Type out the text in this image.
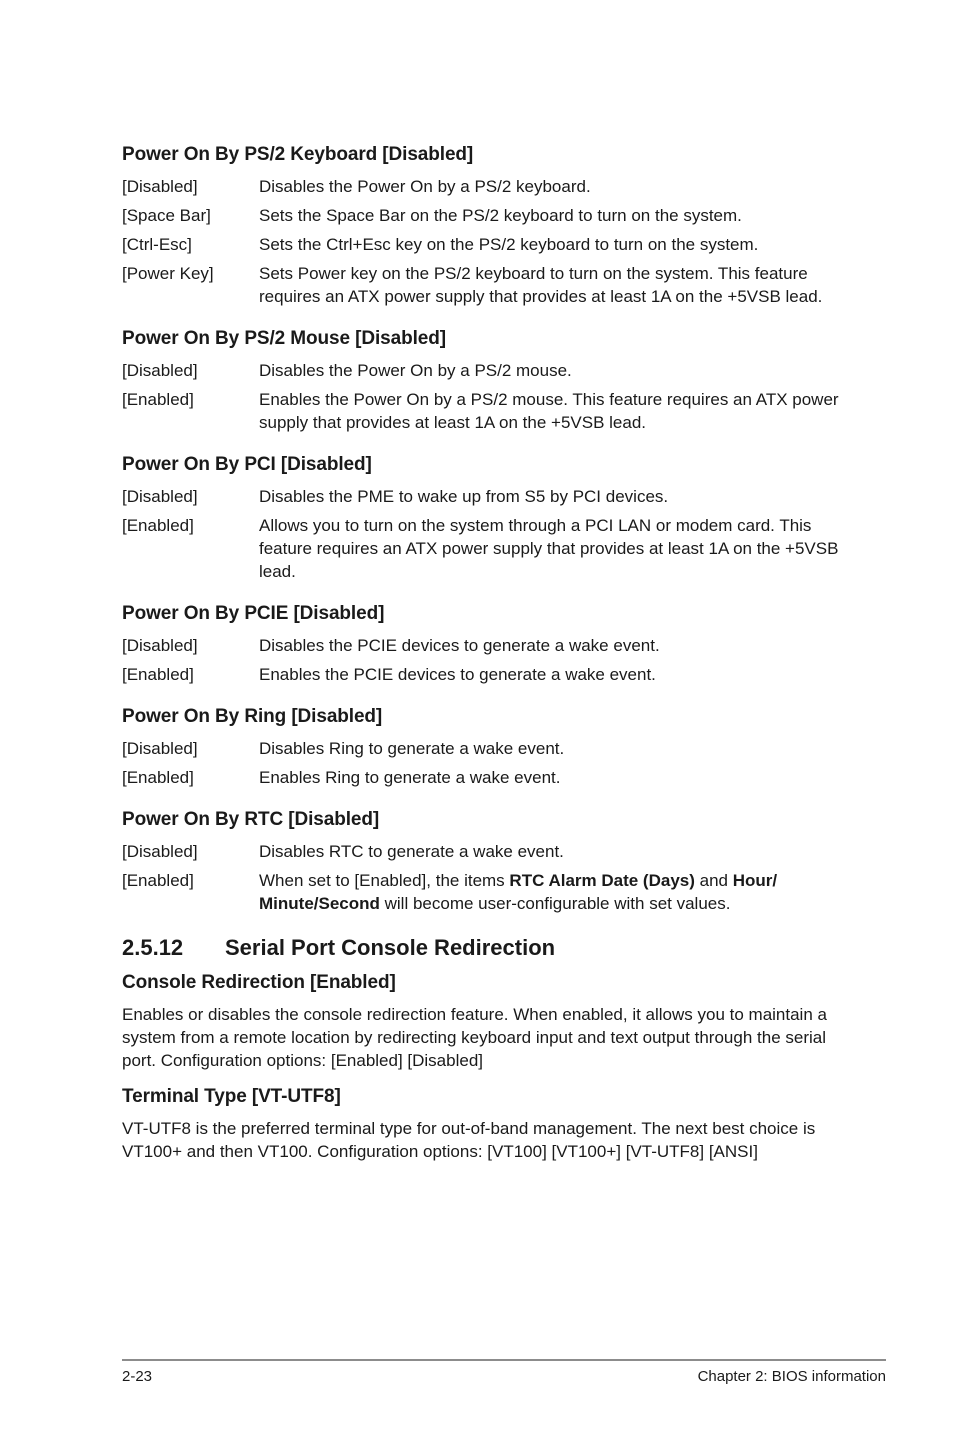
Power On By PS/2 Keyboard [Disabled]
[Disabled]	Disables the Power On by a PS/2 keyboard.
[Space Bar]	Sets the Space Bar on the PS/2 keyboard to turn on the system.
[Ctrl-Esc]	Sets the Ctrl+Esc key on the PS/2 keyboard to turn on the system.
[Power Key]	Sets Power key on the PS/2 keyboard to turn on the system. This feature requires an ATX power supply that provides at least 1A on the +5VSB lead.
Power On By PS/2 Mouse [Disabled]
[Disabled]	Disables the Power On by a PS/2 mouse.
[Enabled]	Enables the Power On by a PS/2 mouse. This feature requires an ATX power supply that provides at least 1A on the +5VSB lead.
Power On By PCI [Disabled]
[Disabled]	Disables the PME to wake up from S5 by PCI devices.
[Enabled]	Allows you to turn on the system through a PCI LAN or modem card. This feature requires an ATX power supply that provides at least 1A on the +5VSB lead.
Power On By PCIE [Disabled]
[Disabled]	Disables the PCIE devices to generate a wake event.
[Enabled]	Enables the PCIE devices to generate a wake event.
Power On By Ring [Disabled]
[Disabled]	Disables Ring to generate a wake event.
[Enabled]	Enables Ring to generate a wake event.
Power On By RTC [Disabled]
[Disabled]	Disables RTC to generate a wake event.
[Enabled]	When set to [Enabled], the items RTC Alarm Date (Days) and Hour/ Minute/Second will become user-configurable with set values.
2.5.12	Serial Port Console Redirection
Console Redirection [Enabled]
Enables or disables the console redirection feature. When enabled, it allows you to maintain a system from a remote location by redirecting keyboard input and text output through the serial port. Configuration options: [Enabled] [Disabled]
Terminal Type [VT-UTF8]
VT-UTF8 is the preferred terminal type for out-of-band management. The next best choice is VT100+ and then VT100. Configuration options: [VT100] [VT100+] [VT-UTF8] [ANSI]
2-23	Chapter 2: BIOS information
